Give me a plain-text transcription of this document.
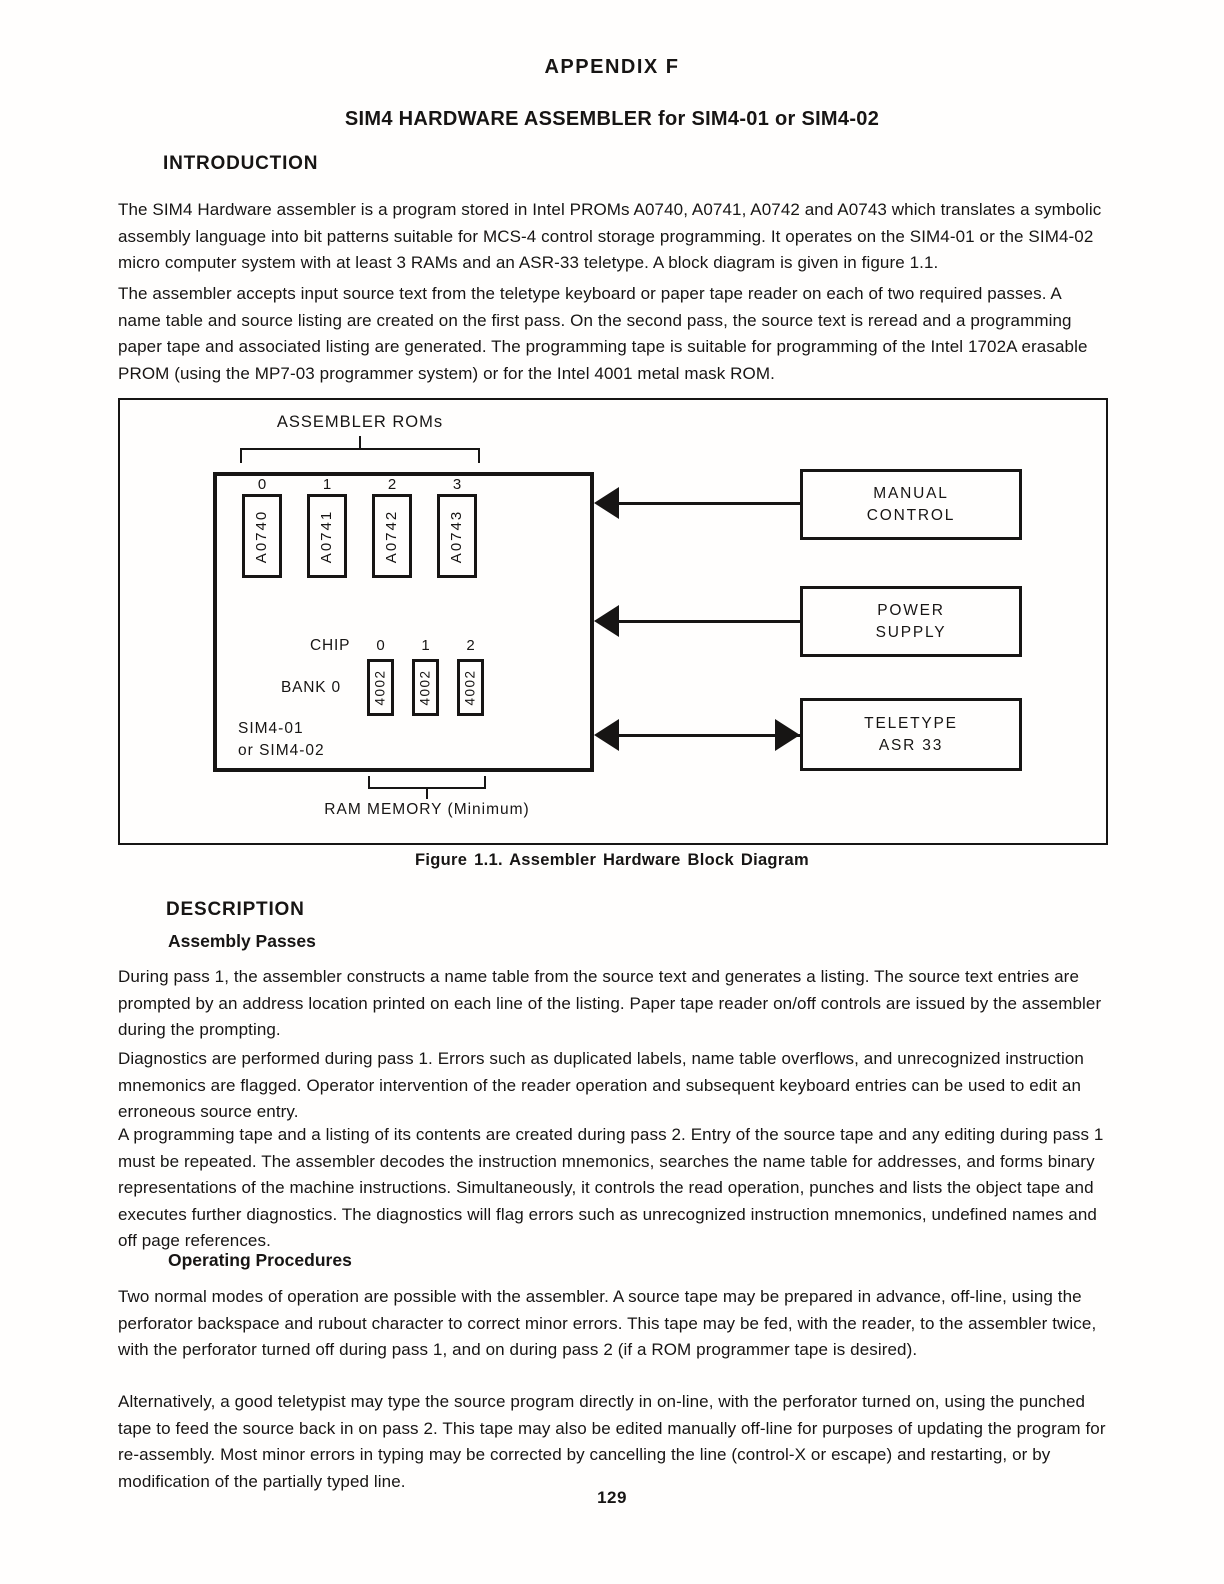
APPENDIX F
SIM4 HARDWARE ASSEMBLER for SIM4-01 or SIM4-02
INTRODUCTION

The SIM4 Hardware assembler is a program stored in Intel PROMs A0740, A0741, A0742 and A0743 which translates a symbolic assembly language into bit patterns suitable for MCS-4 control storage programming. It operates on the SIM4-01 or the SIM4-02 micro computer system with at least 3 RAMs and an ASR-33 teletype. A block diagram is given in figure 1.1.

The assembler accepts input source text from the teletype keyboard or paper tape reader on each of two required passes. A name table and source listing are created on the first pass. On the second pass, the source text is reread and a programming paper tape and associated listing are generated. The programming tape is suitable for programming of the Intel 1702A erasable PROM (using the MP7-03 programmer system) or for the Intel 4001 metal mask ROM.

ASSEMBLER ROMs
0	1	2	3
A0740	A0741	A0742	A0743
CHIP	0	1	2
BANK 0 4002 4002 4002
SIM4-01
or SIM4-02
RAM MEMORY (Minimum)
MANUAL
CONTROL
POWER
SUPPLY
TELETYPE
ASR 33
Figure 1.1. Assembler Hardware Block Diagram
DESCRIPTION
Assembly Passes

During pass 1, the assembler constructs a name table from the source text and generates a listing. The source text entries are prompted by an address location printed on each line of the listing. Paper tape reader on/off controls are issued by the assembler during the prompting.

Diagnostics are performed during pass 1. Errors such as duplicated labels, name table overflows, and unrecognized instruction mnemonics are flagged. Operator intervention of the reader operation and subsequent keyboard entries can be used to edit an erroneous source entry.

A programming tape and a listing of its contents are created during pass 2. Entry of the source tape and any editing during pass 1 must be repeated. The assembler decodes the instruction mnemonics, searches the name table for addresses, and forms binary representations of the machine instructions. Simultaneously, it controls the read operation, punches and lists the object tape and executes further diagnostics. The diagnostics will flag errors such as unrecognized instruction mnemonics, undefined names and off page references.

Operating Procedures

Two normal modes of operation are possible with the assembler. A source tape may be prepared in advance, off-line, using the perforator backspace and rubout character to correct minor errors. This tape may be fed, with the reader, to the assembler twice, with the perforator turned off during pass 1, and on during pass 2 (if a ROM programmer tape is desired).

Alternatively, a good teletypist may type the source program directly in on-line, with the perforator turned on, using the punched tape to feed the source back in on pass 2. This tape may also be edited manually off-line for purposes of updating the program for re-assembly. Most minor errors in typing may be corrected by cancelling the line (control-X or escape) and restarting, or by modification of the partially typed line.

129
